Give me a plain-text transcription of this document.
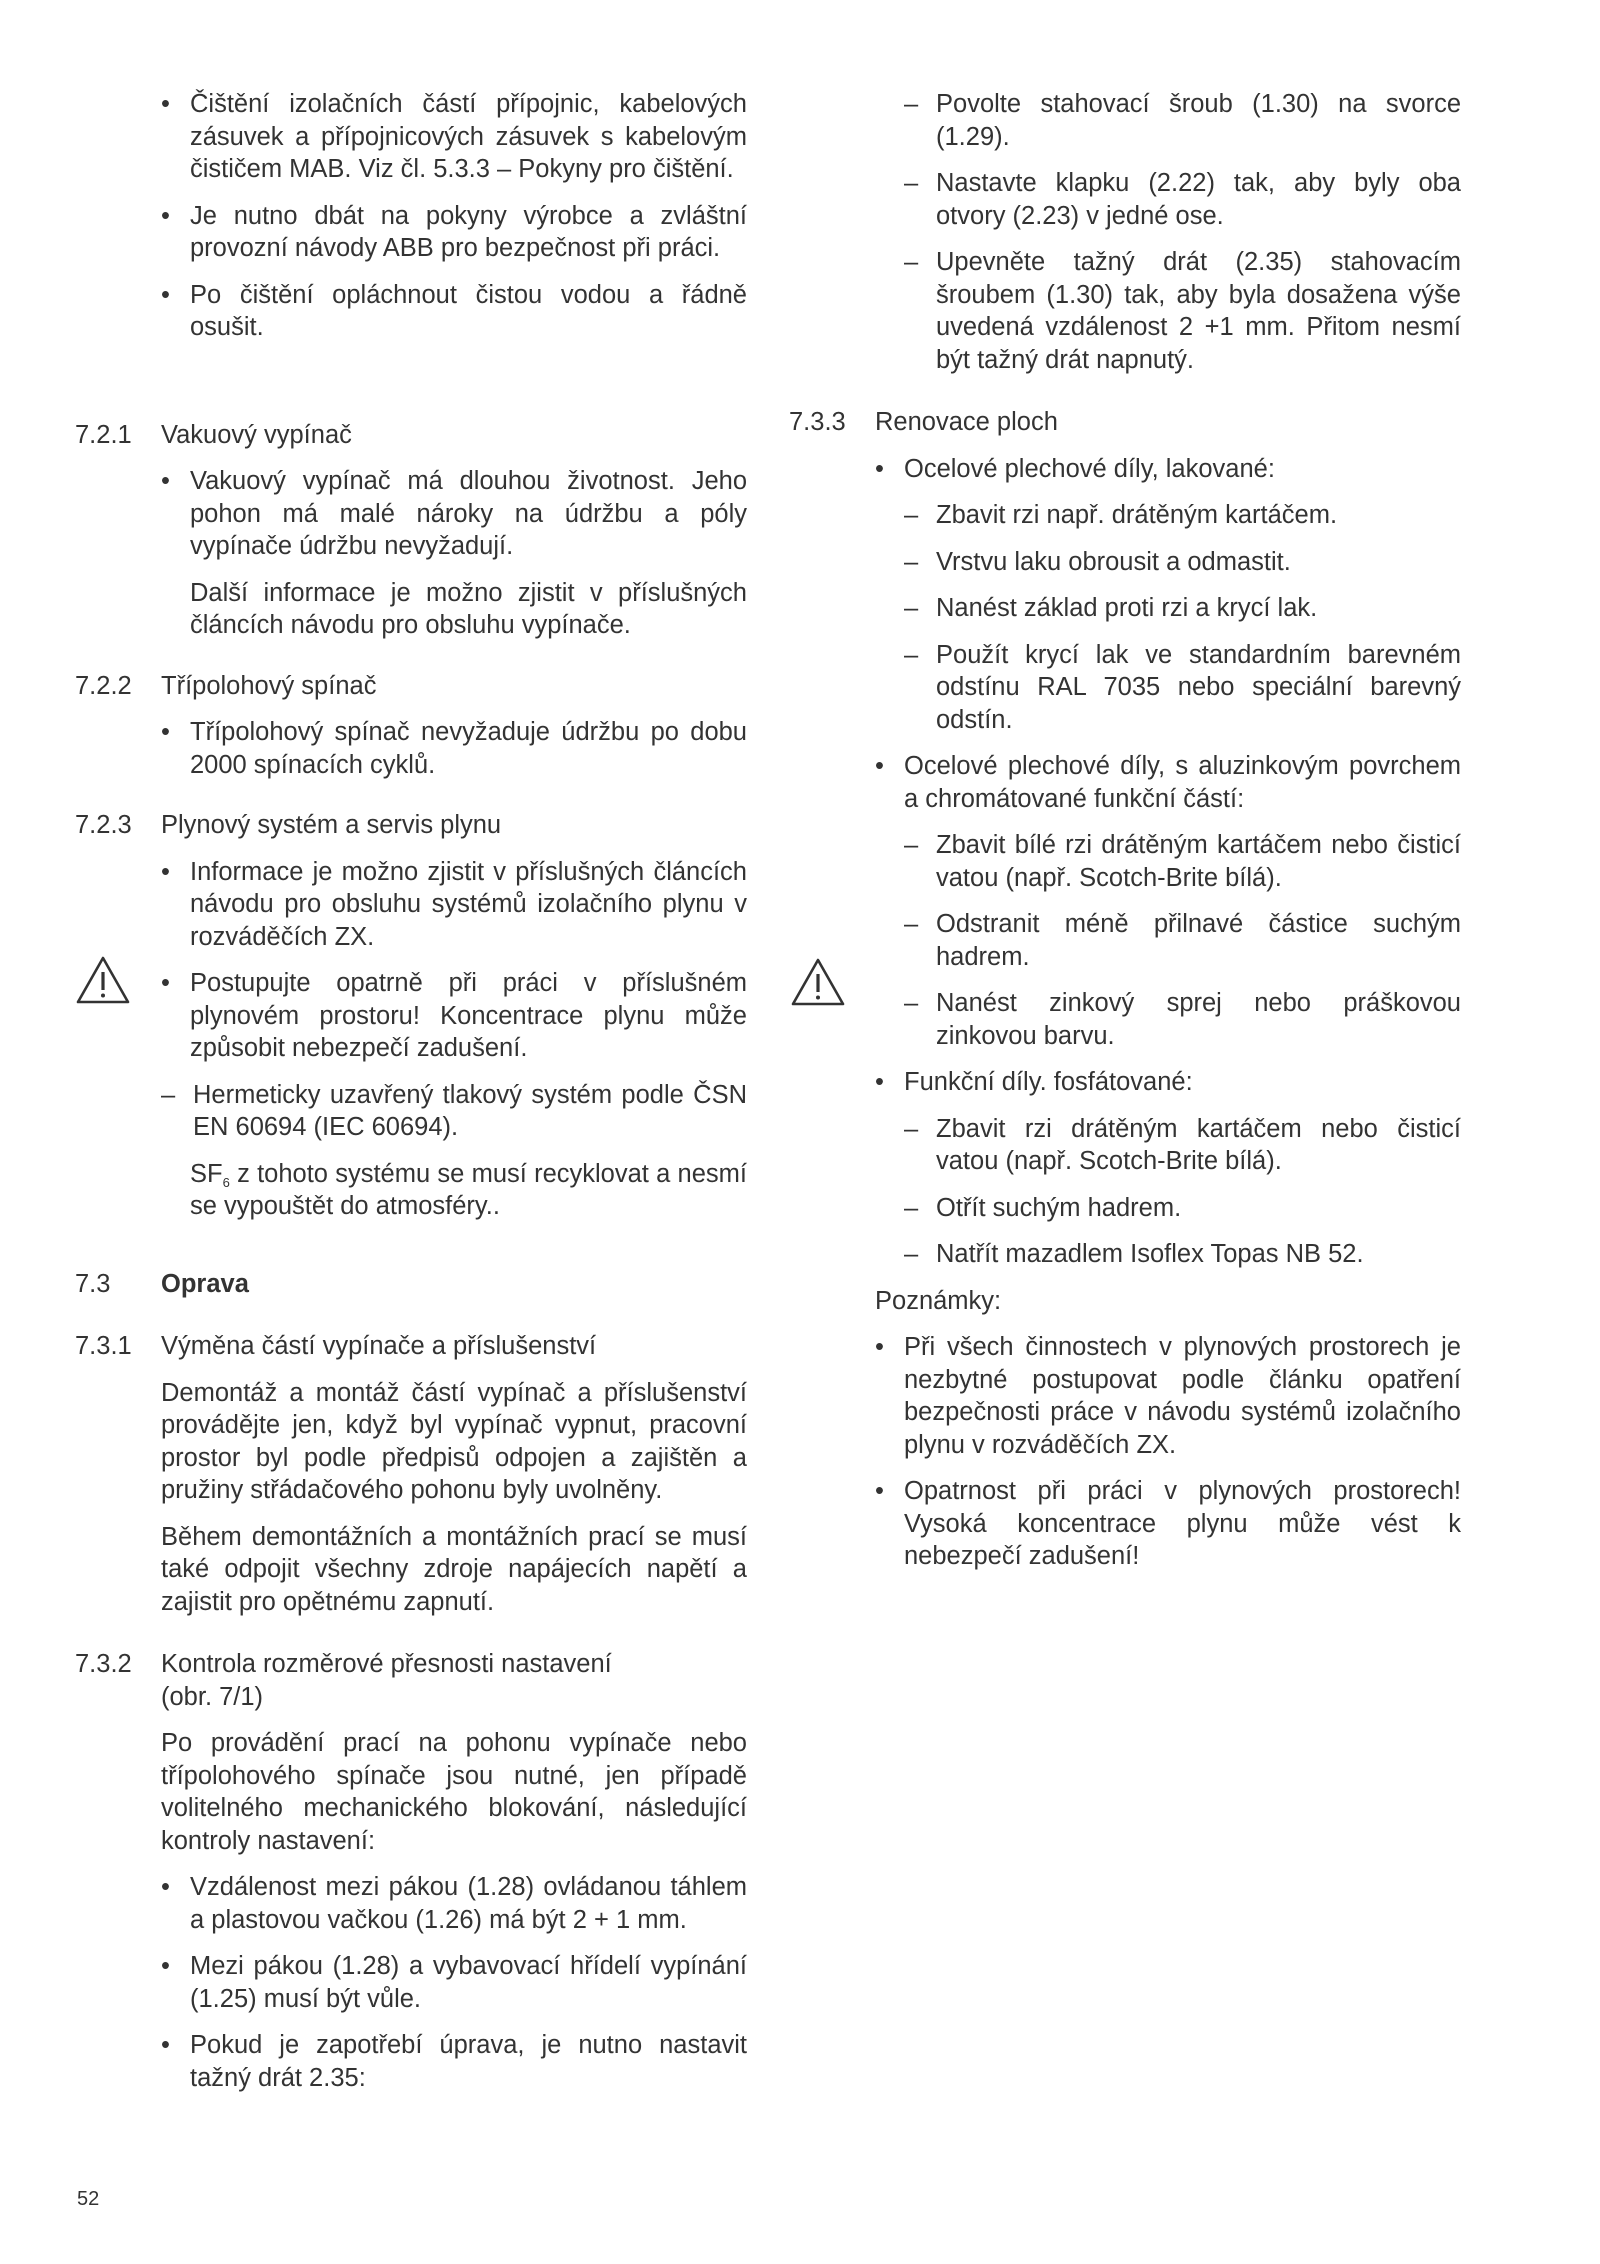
• Čištění izolačních částí přípojnic, kabelových zásuvek a přípojnicových zásuvek s kabelovým čističem MAB. Viz čl. 5.3.3 – Pokyny pro čištění.

• Je nutno dbát na pokyny výrobce a zvláštní provozní návody ABB pro bezpečnost při práci.

• Po čištění opláchnout čistou vodou a řádně osušit.

7.2.1 Vakuový vypínač

• Vakuový vypínač má dlouhou životnost. Jeho pohon má malé nároky na údržbu a póly vypínače údržbu nevyžadují.

Další informace je možno zjistit v příslušných článcích návodu pro obsluhu vypínače.

7.2.2 Třípolohový spínač

• Třípolohový spínač nevyžaduje údržbu po dobu 2000 spínacích cyklů.

7.2.3 Plynový systém a servis plynu

• Informace je možno zjistit v příslušných článcích návodu pro obsluhu systémů izolačního plynu v rozváděčích ZX.

• Postupujte opatrně při práci v příslušném plynovém prostoru! Koncentrace plynu může způsobit nebezpečí zadušení.

– Hermeticky uzavřený tlakový systém podle ČSN EN 60694 (IEC 60694).

$SF_6$ z tohoto systému se musí recyklovat a nesmí se vypouštět do atmosféry..

7.3 Oprava
7.3.1 Výměna částí vypínače a příslušenství

Demontáž a montáž částí vypínač a příslušenství provádějte jen, když byl vypínač vypnut, pracovní prostor byl podle předpisů odpojen a zajištěn a pružiny střádačového pohonu byly uvolněny.

Během demontážních a montážních prací se musí také odpojit všechny zdroje napájecích napětí a zajistit pro opětnému zapnutí.

7.3.2 Kontrola rozměrové přesnosti nastavení

(obr. 7/1)

Po provádění prací na pohonu vypínače nebo třípolohového spínače jsou nutné, jen případě volitelného mechanického blokování, následující kontroly nastavení:

• Vzdálenost mezi pákou (1.28) ovládanou táhlem a plastovou vačkou (1.26) má být 2 + 1 mm.

• Mezi pákou (1.28) a vybavovací hřídelí vypínání (1.25) musí být vůle.

• Pokud je zapotřebí úprava, je nutno nastavit tažný drát 2.35:

– Povolte stahovací šroub (1.30) na svorce (1.29).

– Nastavte klapku (2.22) tak, aby byly oba otvory (2.23) v jedné ose.

– Upevněte tažný drát (2.35) stahovacím šroubem (1.30) tak, aby byla dosažena výše uvedená vzdálenost 2 +1 mm. Přitom nesmí být tažný drát napnutý.

7.3.3 Renovace ploch

• Ocelové plechové díly, lakované:

– Zbavit rzi např. drátěným kartáčem.

– Vrstvu laku obrousit a odmastit.

– Nanést základ proti rzi a krycí lak.

– Použít krycí lak ve standardním barevném odstínu RAL 7035 nebo speciální barevný odstín.

• Ocelové plechové díly, s aluzinkovým povrchem a chromátované funkční částí:

– Zbavit bílé rzi drátěným kartáčem nebo čisticí vatou (např. Scotch-Brite bílá).

– Odstranit méně přilnavé částice suchým hadrem.

– Nanést zinkový sprej nebo práškovou zinkovou barvu.

• Funkční díly. fosfátované:

– Zbavit rzi drátěným kartáčem nebo čisticí vatou (např. Scotch-Brite bílá).

– Otřít suchým hadrem.

– Natřít mazadlem Isoflex Topas NB 52.

Poznámky:

• Při všech činnostech v plynových prostorech je nezbytné postupovat podle článku opatření bezpečnosti práce v návodu systémů izolačního plynu v rozváděčích ZX.

• Opatrnost při práci v plynových prostorech! Vysoká koncentrace plynu může vést k nebezpečí zadušení!

52
